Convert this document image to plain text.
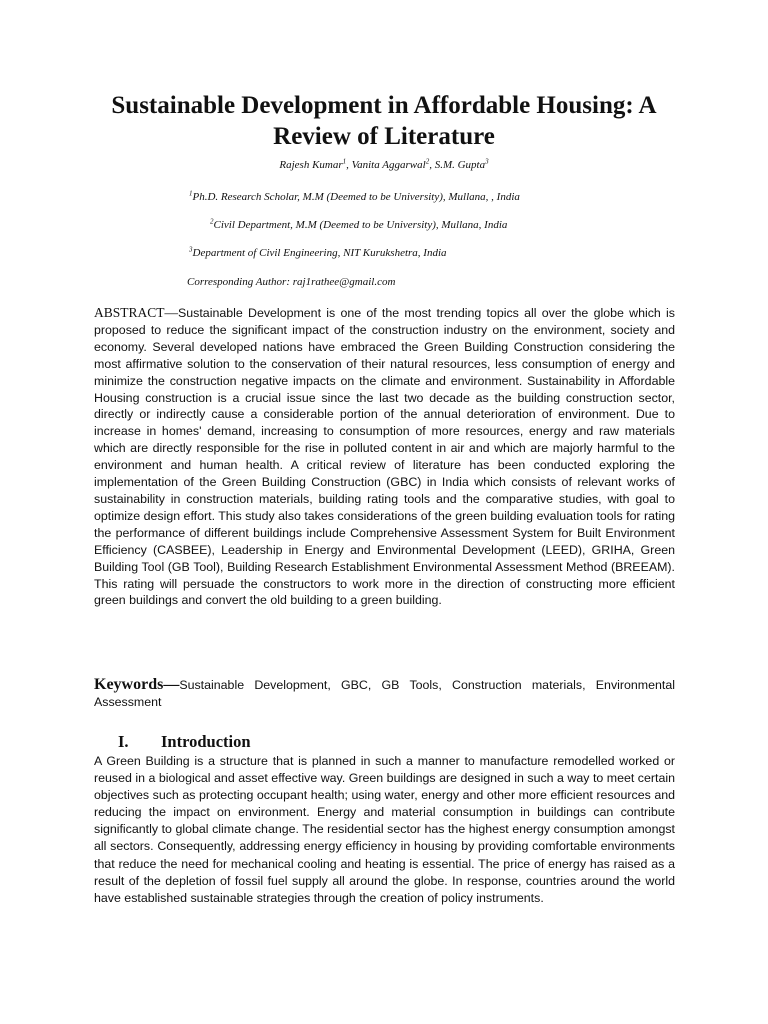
Sustainable Development in Affordable Housing: A Review of Literature
Rajesh Kumar$^1$, Vanita Aggarwal$^2$, S.M. Gupta$^3$
$^1$Ph.D. Research Scholar, M.M (Deemed to be University), Mullana, , India
$^2$Civil Department, M.M (Deemed to be University), Mullana, India
$^3$Department of Civil Engineering, NIT Kurukshetra, India
Corresponding Author: raj1rathee@gmail.com

ABSTRACT—Sustainable Development is one of the most trending topics all over the globe which is proposed to reduce the significant impact of the construction industry on the environment, society and economy. Several developed nations have embraced the Green Building Construction considering the most affirmative solution to the conservation of their natural resources, less consumption of energy and minimize the construction negative impacts on the climate and environment. Sustainability in Affordable Housing construction is a crucial issue since the last two decade as the building construction sector, directly or indirectly cause a considerable portion of the annual deterioration of environment. Due to increase in homes' demand, increasing to consumption of more resources, energy and raw materials which are directly responsible for the rise in polluted content in air and which are majorly harmful to the environment and human health. A critical review of literature has been conducted exploring the implementation of the Green Building Construction (GBC) in India which consists of relevant works of sustainability in construction materials, building rating tools and the comparative studies, with goal to optimize design effort. This study also takes considerations of the green building evaluation tools for rating the performance of different buildings include Comprehensive Assessment System for Built Environment Efficiency (CASBEE), Leadership in Energy and Environmental Development (LEED), GRIHA, Green Building Tool (GB Tool), Building Research Establishment Environmental Assessment Method (BREEAM). This rating will persuade the constructors to work more in the direction of constructing more efficient green buildings and convert the old building to a green building.

Keywords—Sustainable Development, GBC, GB Tools, Construction materials, Environmental Assessment

I. Introduction

A Green Building is a structure that is planned in such a manner to manufacture remodelled worked or reused in a biological and asset effective way. Green buildings are designed in such a way to meet certain objectives such as protecting occupant health; using water, energy and other more efficient resources and reducing the impact on environment. Energy and material consumption in buildings can contribute significantly to global climate change. The residential sector has the highest energy consumption amongst all sectors. Consequently, addressing energy efficiency in housing by providing comfortable environments that reduce the need for mechanical cooling and heating is essential. The price of energy has raised as a result of the depletion of fossil fuel supply all around the globe. In response, countries around the world have established sustainable strategies through the creation of policy instruments.
